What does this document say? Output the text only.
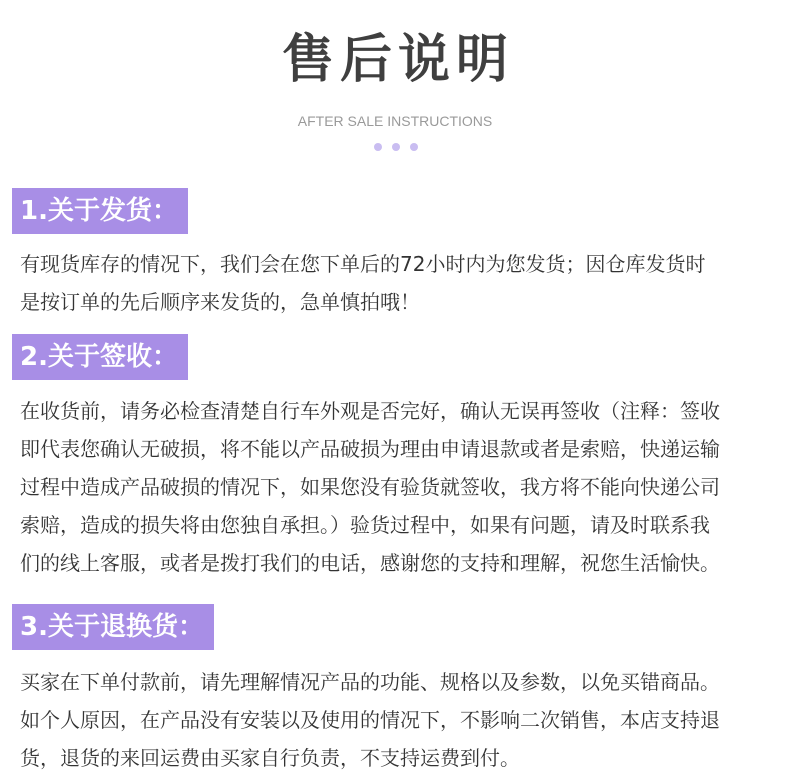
售后说明
AFTER SALE INSTRUCTIONS
1.关于发货：
有现货库存的情况下，我们会在您下单后的72小时内为您发货；因仓库发货时
是按订单的先后顺序来发货的，急单慎拍哦！
2.关于签收：
在收货前，请务必检查清楚自行车外观是否完好，确认无误再签收（注释：签收
即代表您确认无破损，将不能以产品破损为理由申请退款或者是索赔，快递运输
过程中造成产品破损的情况下，如果您没有验货就签收，我方将不能向快递公司
索赔，造成的损失将由您独自承担。）验货过程中，如果有问题，请及时联系我
们的线上客服，或者是拨打我们的电话，感谢您的支持和理解，祝您生活愉快。
3.关于退换货：
买家在下单付款前，请先理解情况产品的功能、规格以及参数，以免买错商品。
如个人原因，在产品没有安装以及使用的情况下，不影响二次销售，本店支持退
货，退货的来回运费由买家自行负责，不支持运费到付。
